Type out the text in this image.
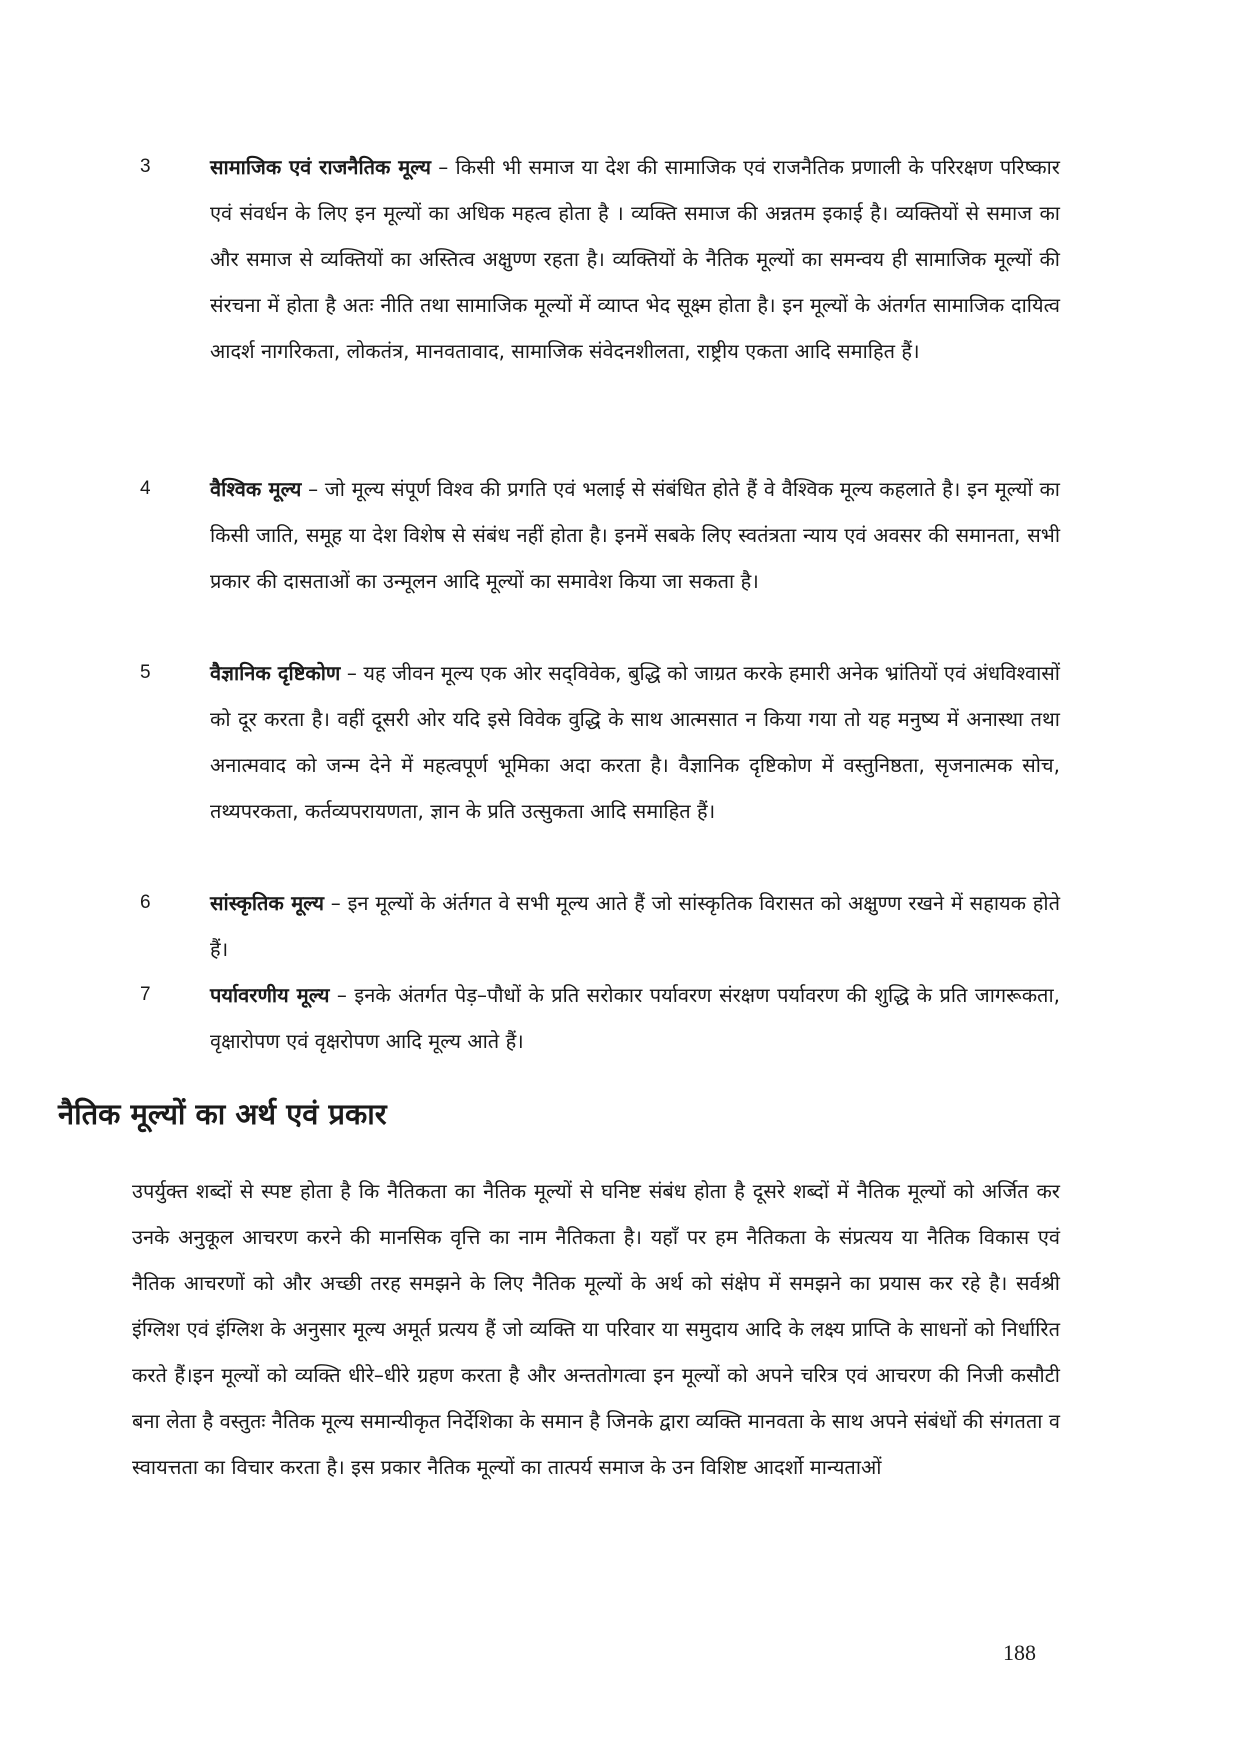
3	सामाजिक एवं राजनैतिक मूल्य – किसी भी समाज या देश की सामाजिक एवं राजनैतिक प्रणाली के परिरक्षण परिष्कार एवं संवर्धन के लिए इन मूल्यों का अधिक महत्व होता है । व्यक्ति समाज की अन्नतम इकाई है। व्यक्तियों से समाज का और समाज से व्यक्तियों का अस्तित्व अक्षुण्ण रहता है। व्यक्तियों के नैतिक मूल्यों का समन्वय ही सामाजिक मूल्यों की संरचना में होता है अतः नीति तथा सामाजिक मूल्यों में व्याप्त भेद सूक्ष्म होता है। इन मूल्यों के अंतर्गत सामाजिक दायित्व आदर्श नागरिकता, लोकतंत्र, मानवतावाद, सामाजिक संवेदनशीलता, राष्ट्रीय एकता आदि समाहित हैं।
4	वैश्विक मूल्य – जो मूल्य संपूर्ण विश्व की प्रगति एवं भलाई से संबंधित होते हैं वे वैश्विक मूल्य कहलाते है। इन मूल्यों का किसी जाति, समूह या देश विशेष से संबंध नहीं होता है। इनमें सबके लिए स्वतंत्रता न्याय एवं अवसर की समानता, सभी प्रकार की दासताओं का उन्मूलन आदि मूल्यों का समावेश किया जा सकता है।
5	वैज्ञानिक दृष्टिकोण – यह जीवन मूल्य एक ओर सद्‌विवेक, बुद्धि को जाग्रत करके हमारी अनेक भ्रांतियों एवं अंधविश्वासों को दूर करता है। वहीं दूसरी ओर यदि इसे विवेक वुद्धि के साथ आत्मसात न किया गया तो यह मनुष्य में अनास्था तथा अनात्मवाद को जन्म देने में महत्वपूर्ण भूमिका अदा करता है। वैज्ञानिक दृष्टिकोण में वस्तुनिष्ठता, सृजनात्मक सोच, तथ्यपरकता, कर्तव्यपरायणता, ज्ञान के प्रति उत्सुकता आदि समाहित हैं।
6	सांस्कृतिक मूल्य – इन मूल्यों के अंर्तगत वे सभी मूल्य आते हैं जो सांस्कृतिक विरासत को अक्षुण्ण रखने में सहायक होते हैं।
7	पर्यावरणीय मूल्य – इनके अंतर्गत पेड़–पौधों के प्रति सरोकार पर्यावरण संरक्षण पर्यावरण की शुद्धि के प्रति जागरूकता, वृक्षारोपण एवं वृक्षरोपण आदि मूल्य आते हैं।
नैतिक मूल्यों का अर्थ एवं प्रकार
उपर्युक्त शब्दों से स्पष्ट होता है कि नैतिकता का नैतिक मूल्यों से घनिष्ट संबंध होता है दूसरे शब्दों में नैतिक मूल्यों को अर्जित कर उनके अनुकूल आचरण करने की मानसिक वृत्ति का नाम नैतिकता है। यहाँ पर हम नैतिकता के संप्रत्यय या नैतिक विकास एवं नैतिक आचरणों को और अच्छी तरह समझने के लिए नैतिक मूल्यों के अर्थ को संक्षेप में समझने का प्रयास कर रहे है। सर्वश्री इंग्लिश एवं इंग्लिश के अनुसार मूल्य अमूर्त प्रत्यय हैं जो व्यक्ति या परिवार या समुदाय आदि के लक्ष्य प्राप्ति के साधनों को निर्धारित करते हैं।इन मूल्यों को व्यक्ति धीरे–धीरे ग्रहण करता है और अन्ततोगत्वा इन मूल्यों को अपने चरित्र एवं आचरण की निजी कसौटी बना लेता है वस्तुतः नैतिक मूल्य समान्यीकृत निर्देशिका के समान है जिनके द्वारा व्यक्ति मानवता के साथ अपने संबंधों की संगतता व स्वायत्तता का विचार करता है। इस प्रकार नैतिक मूल्यों का तात्पर्य समाज के उन विशिष्ट आदर्शो मान्यताओं
188
